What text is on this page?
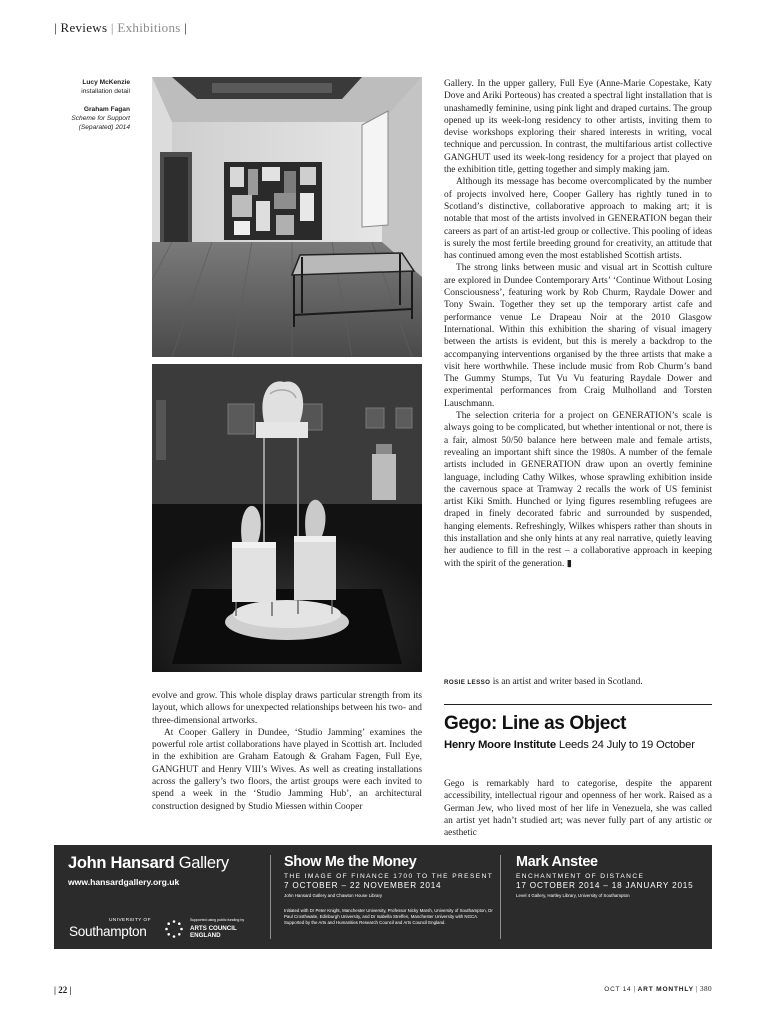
| Reviews | Exhibitions |
Lucy McKenzie
installation detail
Graham Fagan
Scheme for Support
(Separated) 2014

evolve and grow. This whole display draws particular strength from its layout, which allows for unexpected relationships between his two- and three-dimensional artworks.

At Cooper Gallery in Dundee, ‘Studio Jamming’ examines the powerful role artist collaborations have played in Scottish art. Included in the exhibition are Graham Eatough & Graham Fagen, Full Eye, GANGHUT and Henry VIII’s Wives. As well as creating installations across the gallery’s two floors, the artist groups were each invited to spend a week in the ‘Studio Jamming Hub’, an architectural construction designed by Studio Miessen within Cooper

Gallery. In the upper gallery, Full Eye (Anne-Marie Copestake, Katy Dove and Ariki Porteous) has created a spectral light installation that is unashamedly feminine, using pink light and draped curtains. The group opened up its week-long residency to other artists, inviting them to devise workshops exploring their shared interests in writing, vocal technique and percussion. In contrast, the multifarious artist collective GANGHUT used its week-long residency for a project that played on the exhibition title, getting together and simply making jam.

Although its message has become overcomplicated by the number of projects involved here, Cooper Gallery has rightly tuned in to Scotland’s distinctive, collaborative approach to making art; it is notable that most of the artists involved in GENERATION began their careers as part of an artist-led group or collective. This pooling of ideas is surely the most fertile breeding ground for creativity, an attitude that has continued among even the most established Scottish artists.

The strong links between music and visual art in Scottish culture are explored in Dundee Contemporary Arts’ ‘Continue Without Losing Consciousness’, featuring work by Rob Churm, Raydale Dower and Tony Swain. Together they set up the temporary artist cafe and performance venue Le Drapeau Noir at the 2010 Glasgow International. Within this exhibition the sharing of visual imagery between the artists is evident, but this is merely a backdrop to the accompanying interventions organised by the three artists that make a visit here worthwhile. These include music from Rob Churm’s band The Gummy Stumps, Tut Vu Vu featuring Raydale Dower and experimental performances from Craig Mulholland and Torsten Lauschmann.

The selection criteria for a project on GENERATION’s scale is always going to be complicated, but whether intentional or not, there is a fair, almost 50/50 balance here between male and female artists, revealing an important shift since the 1980s. A number of the female artists included in GENERATION draw upon an overtly feminine language, including Cathy Wilkes, whose sprawling exhibition inside the cavernous space at Tramway 2 recalls the work of US feminist artist Kiki Smith. Hunched or lying figures resembling refugees are draped in finely decorated fabric and surrounded by suspended, hanging elements. Refreshingly, Wilkes whispers rather than shouts in this installation and she only hints at any real narrative, quietly leaving her audience to fill in the rest – a collaborative approach in keeping with the spirit of the generation. ▮

ROSIE LESSO is an artist and writer based in Scotland.
Gego: Line as Object
Henry Moore Institute Leeds 24 July to 19 October

Gego is remarkably hard to categorise, despite the apparent accessibility, intellectual rigour and openness of her work. Raised as a German Jew, who lived most of her life in Venezuela, she was called an artist yet hadn’t studied art; was never fully part of any artistic or aesthetic

John Hansard Gallery
www.hansardgallery.org.uk
UNIVERSITY OF
Southampton
Supported using public funding by
ARTS COUNCIL ENGLAND
Show Me the Money
THE IMAGE OF FINANCE 1700 TO THE PRESENT
7 OCTOBER – 22 NOVEMBER 2014
John Hansard Gallery and Chawton House Library
Initiated with Dr Peter Knight, Manchester University, Professor Nicky Marsh, University of Southampton, Dr Paul Crosthwaite, Edinburgh University, and Dr Isabella Streffen, Manchester University with NGCA. Supported by the Arts and Humanities Research Council and Arts Council England.
Mark Anstee
ENCHANTMENT OF DISTANCE
17 OCTOBER 2014 – 18 JANUARY 2015
Level 4 Gallery, Hartley Library, University of Southampton
| 22 |	OCT 14 | ART MONTHLY | 380
